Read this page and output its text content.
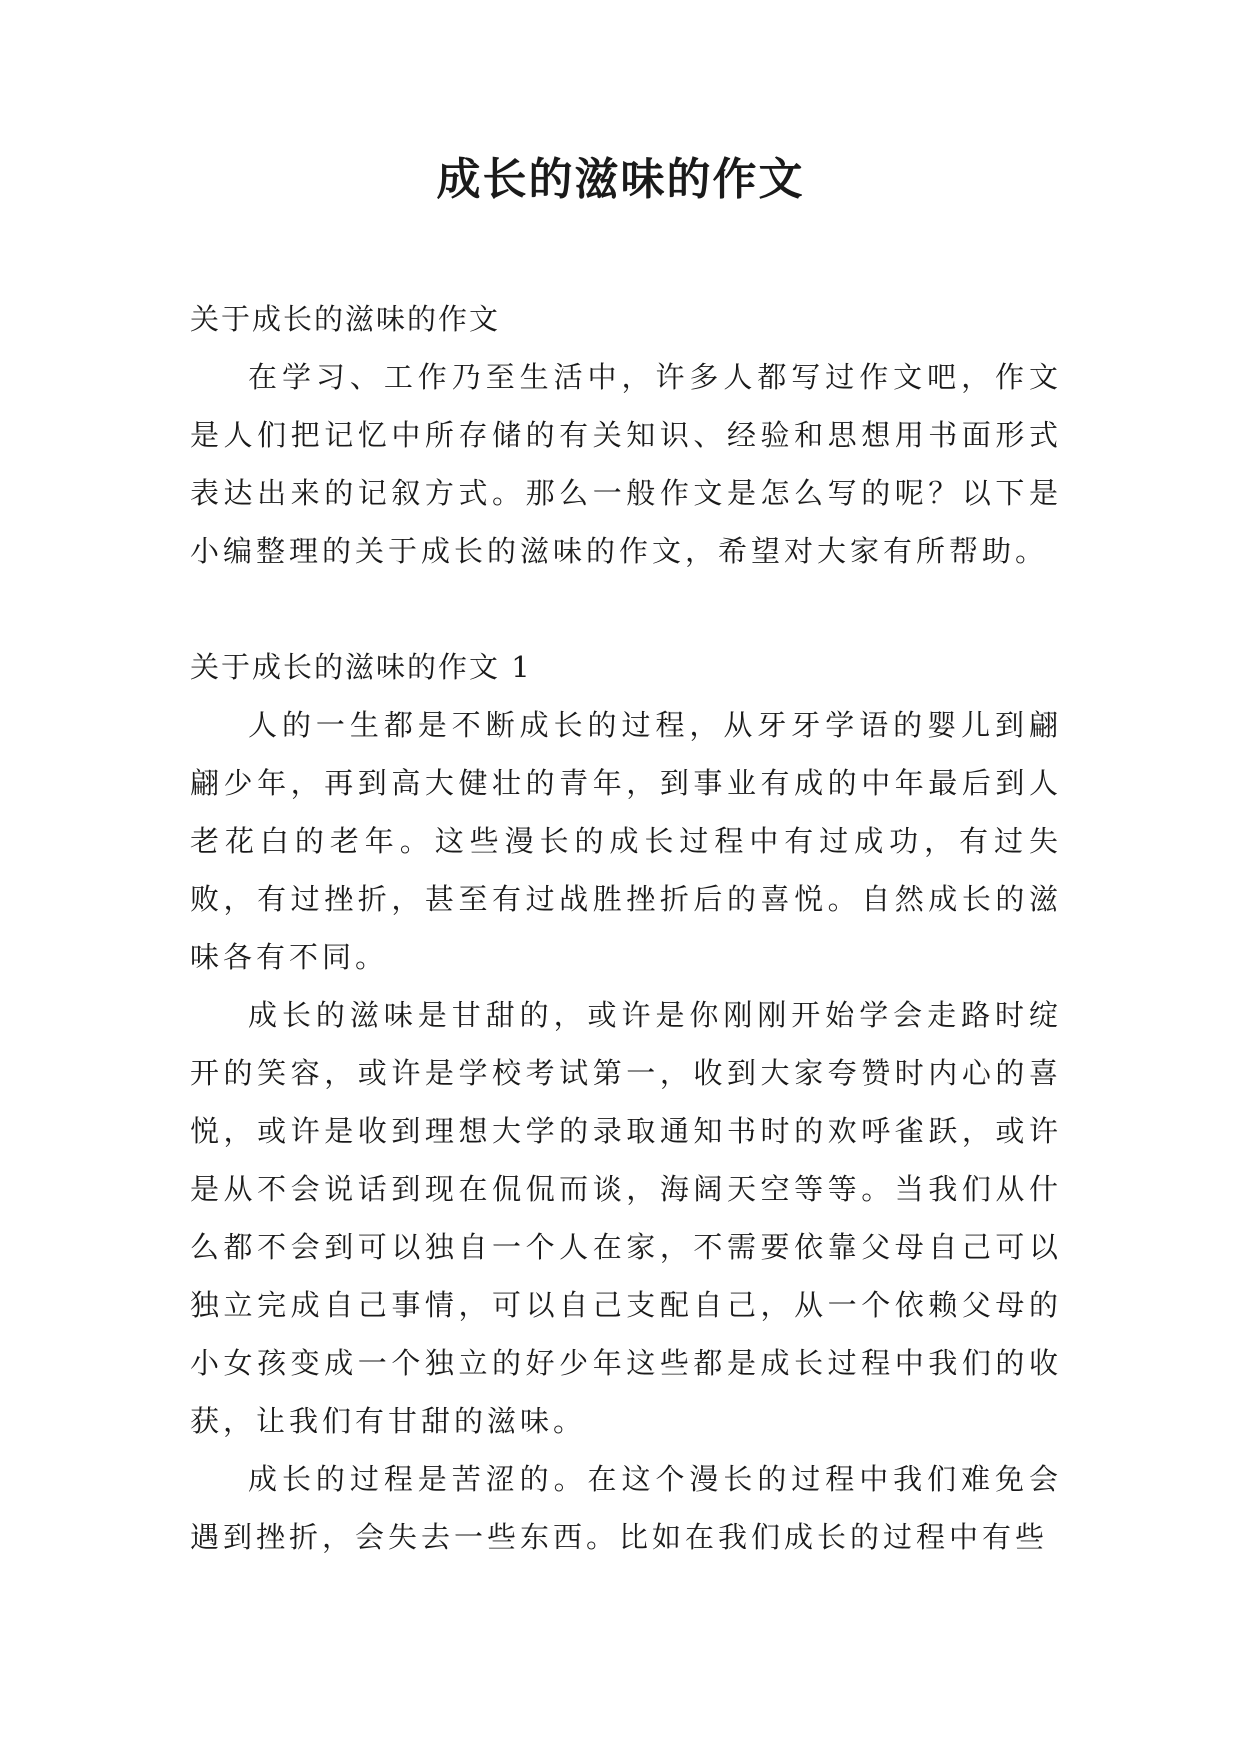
成长的滋味的作文
关于成长的滋味的作文

在学习、工作乃至生活中，许多人都写过作文吧，作文是人们把记忆中所存储的有关知识、经验和思想用书面形式表达出来的记叙方式。那么一般作文是怎么写的呢？以下是小编整理的关于成长的滋味的作文，希望对大家有所帮助。

关于成长的滋味的作文 1

人的一生都是不断成长的过程，从牙牙学语的婴儿到翩翩少年，再到高大健壮的青年，到事业有成的中年最后到人老花白的老年。这些漫长的成长过程中有过成功，有过失败，有过挫折，甚至有过战胜挫折后的喜悦。自然成长的滋味各有不同。

成长的滋味是甘甜的，或许是你刚刚开始学会走路时绽开的笑容，或许是学校考试第一，收到大家夸赞时内心的喜悦，或许是收到理想大学的录取通知书时的欢呼雀跃，或许是从不会说话到现在侃侃而谈，海阔天空等等。当我们从什么都不会到可以独自一个人在家，不需要依靠父母自己可以独立完成自己事情，可以自己支配自己，从一个依赖父母的小女孩变成一个独立的好少年这些都是成长过程中我们的收获，让我们有甘甜的滋味。

成长的过程是苦涩的。在这个漫长的过程中我们难免会遇到挫折，会失去一些东西。比如在我们成长的过程中有些
